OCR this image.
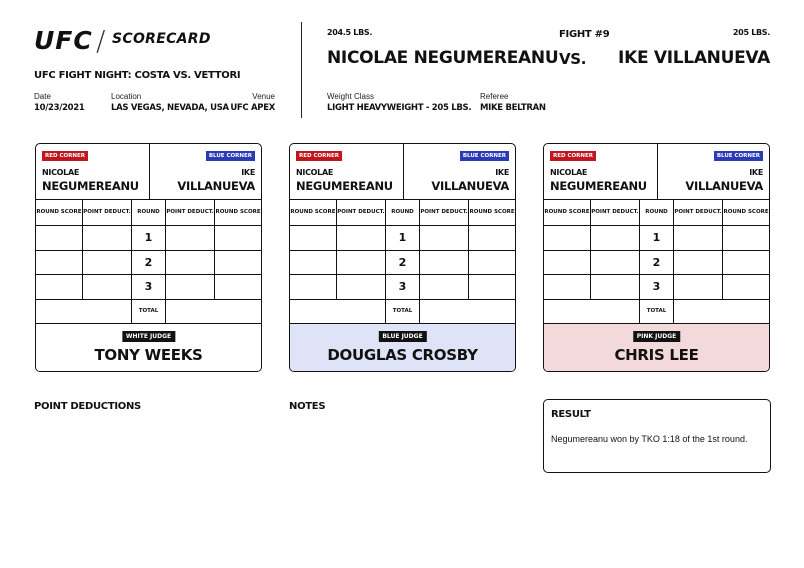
UFC / SCORECARD
UFC FIGHT NIGHT: COSTA VS. VETTORI
Date
10/23/2021
Location
LAS VEGAS, NEVADA, USA
Venue
UFC APEX
204.5 LBS.
NICOLAE NEGUMEREANU
FIGHT #9
VS.
205 LBS.
IKE VILLANUEVA
Weight Class
LIGHT HEAVYWEIGHT - 205 LBS.
Referee
MIKE BELTRAN
RED CORNER	BLUE CORNER
NICOLAE
NEGUMEREANU
IKE
VILLANUEVA
ROUND SCORE	POINT DEDUCT.	ROUND	POINT DEDUCT.	ROUND SCORE
		1		
		2		
		3		
		TOTAL		
WHITE JUDGE
TONY WEEKS
RED CORNER	BLUE CORNER
NICOLAE
NEGUMEREANU
IKE
VILLANUEVA
ROUND SCORE	POINT DEDUCT.	ROUND	POINT DEDUCT.	ROUND SCORE
		1		
		2		
		3		
		TOTAL		
BLUE JUDGE
DOUGLAS CROSBY
RED CORNER	BLUE CORNER
NICOLAE
NEGUMEREANU
IKE
VILLANUEVA
ROUND SCORE	POINT DEDUCT.	ROUND	POINT DEDUCT.	ROUND SCORE
		1		
		2		
		3		
		TOTAL		
PINK JUDGE
CHRIS LEE
POINT DEDUCTIONS	NOTES
RESULT
Negumereanu won by TKO 1:18 of the 1st round.
